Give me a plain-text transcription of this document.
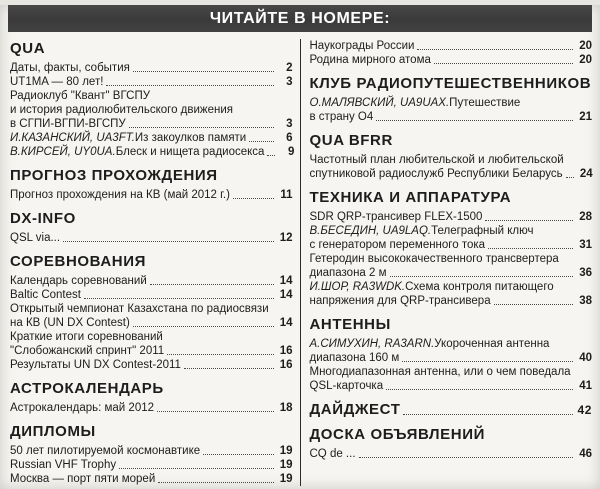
ЧИТАЙТЕ В НОМЕРЕ:
QUA
Даты, факты, события	2
UT1MA — 80 лет!	3
Радиоклуб "Квант" ВГСПУ
и история радиолюбительского движения
в СГПИ-ВГПИ-ВГСПУ	3
И.КАЗАНСКИЙ, UA3FT. Из закоулков памяти	6
В.КИРСЕЙ, UY0UA. Блеск и нищета радиосекса	9
ПРОГНОЗ ПРОХОЖДЕНИЯ
Прогноз прохождения на КВ (май 2012 г.)	11
DX-INFO
QSL via...	12
СОРЕВНОВАНИЯ
Календарь соревнований	14
Baltic Contest	14
Открытый чемпионат Казахстана по радиосвязи
на КВ (UN DX Contest)	14
Краткие итоги соревнований
"Слобожанский спринт" 2011	16
Результаты UN DX Contest-2011	16
АСТРОКАЛЕНДАРЬ
Астрокалендарь: май 2012	18
ДИПЛОМЫ
50 лет пилотируемой космонавтике	19
Russian VHF Trophy	19
Москва — порт пяти морей	19
Наукограды России	20
Родина мирного атома	20
КЛУБ РАДИОПУТЕШЕСТВЕННИКОВ
О.МАЛЯВСКИЙ, UA9UAX. Путешествие
в страну О4	21
QUA BFRR
Частотный план любительской и любительской
спутниковой радиослужб Республики Беларусь 24
ТЕХНИКА И АППАРАТУРА
SDR QRP-трансивер FLEX-1500	28
В.БЕСЕДИН, UA9LAQ. Телеграфный ключ
с генератором переменного тока	31
Гетеродин высококачественного трансвертера
диапазона 2 м	36
И.ШОР, RA3WDK. Схема контроля питающего
напряжения для QRP-трансивера	38
АНТЕННЫ
А.СИМУХИН, RA3ARN. Укороченная антенна
диапазона 160 м	40
Многодиапазонная антенна, или о чем поведала
QSL-карточка	41
ДАЙДЖЕСТ	42
ДОСКА ОБЪЯВЛЕНИЙ
CQ de ...	46
